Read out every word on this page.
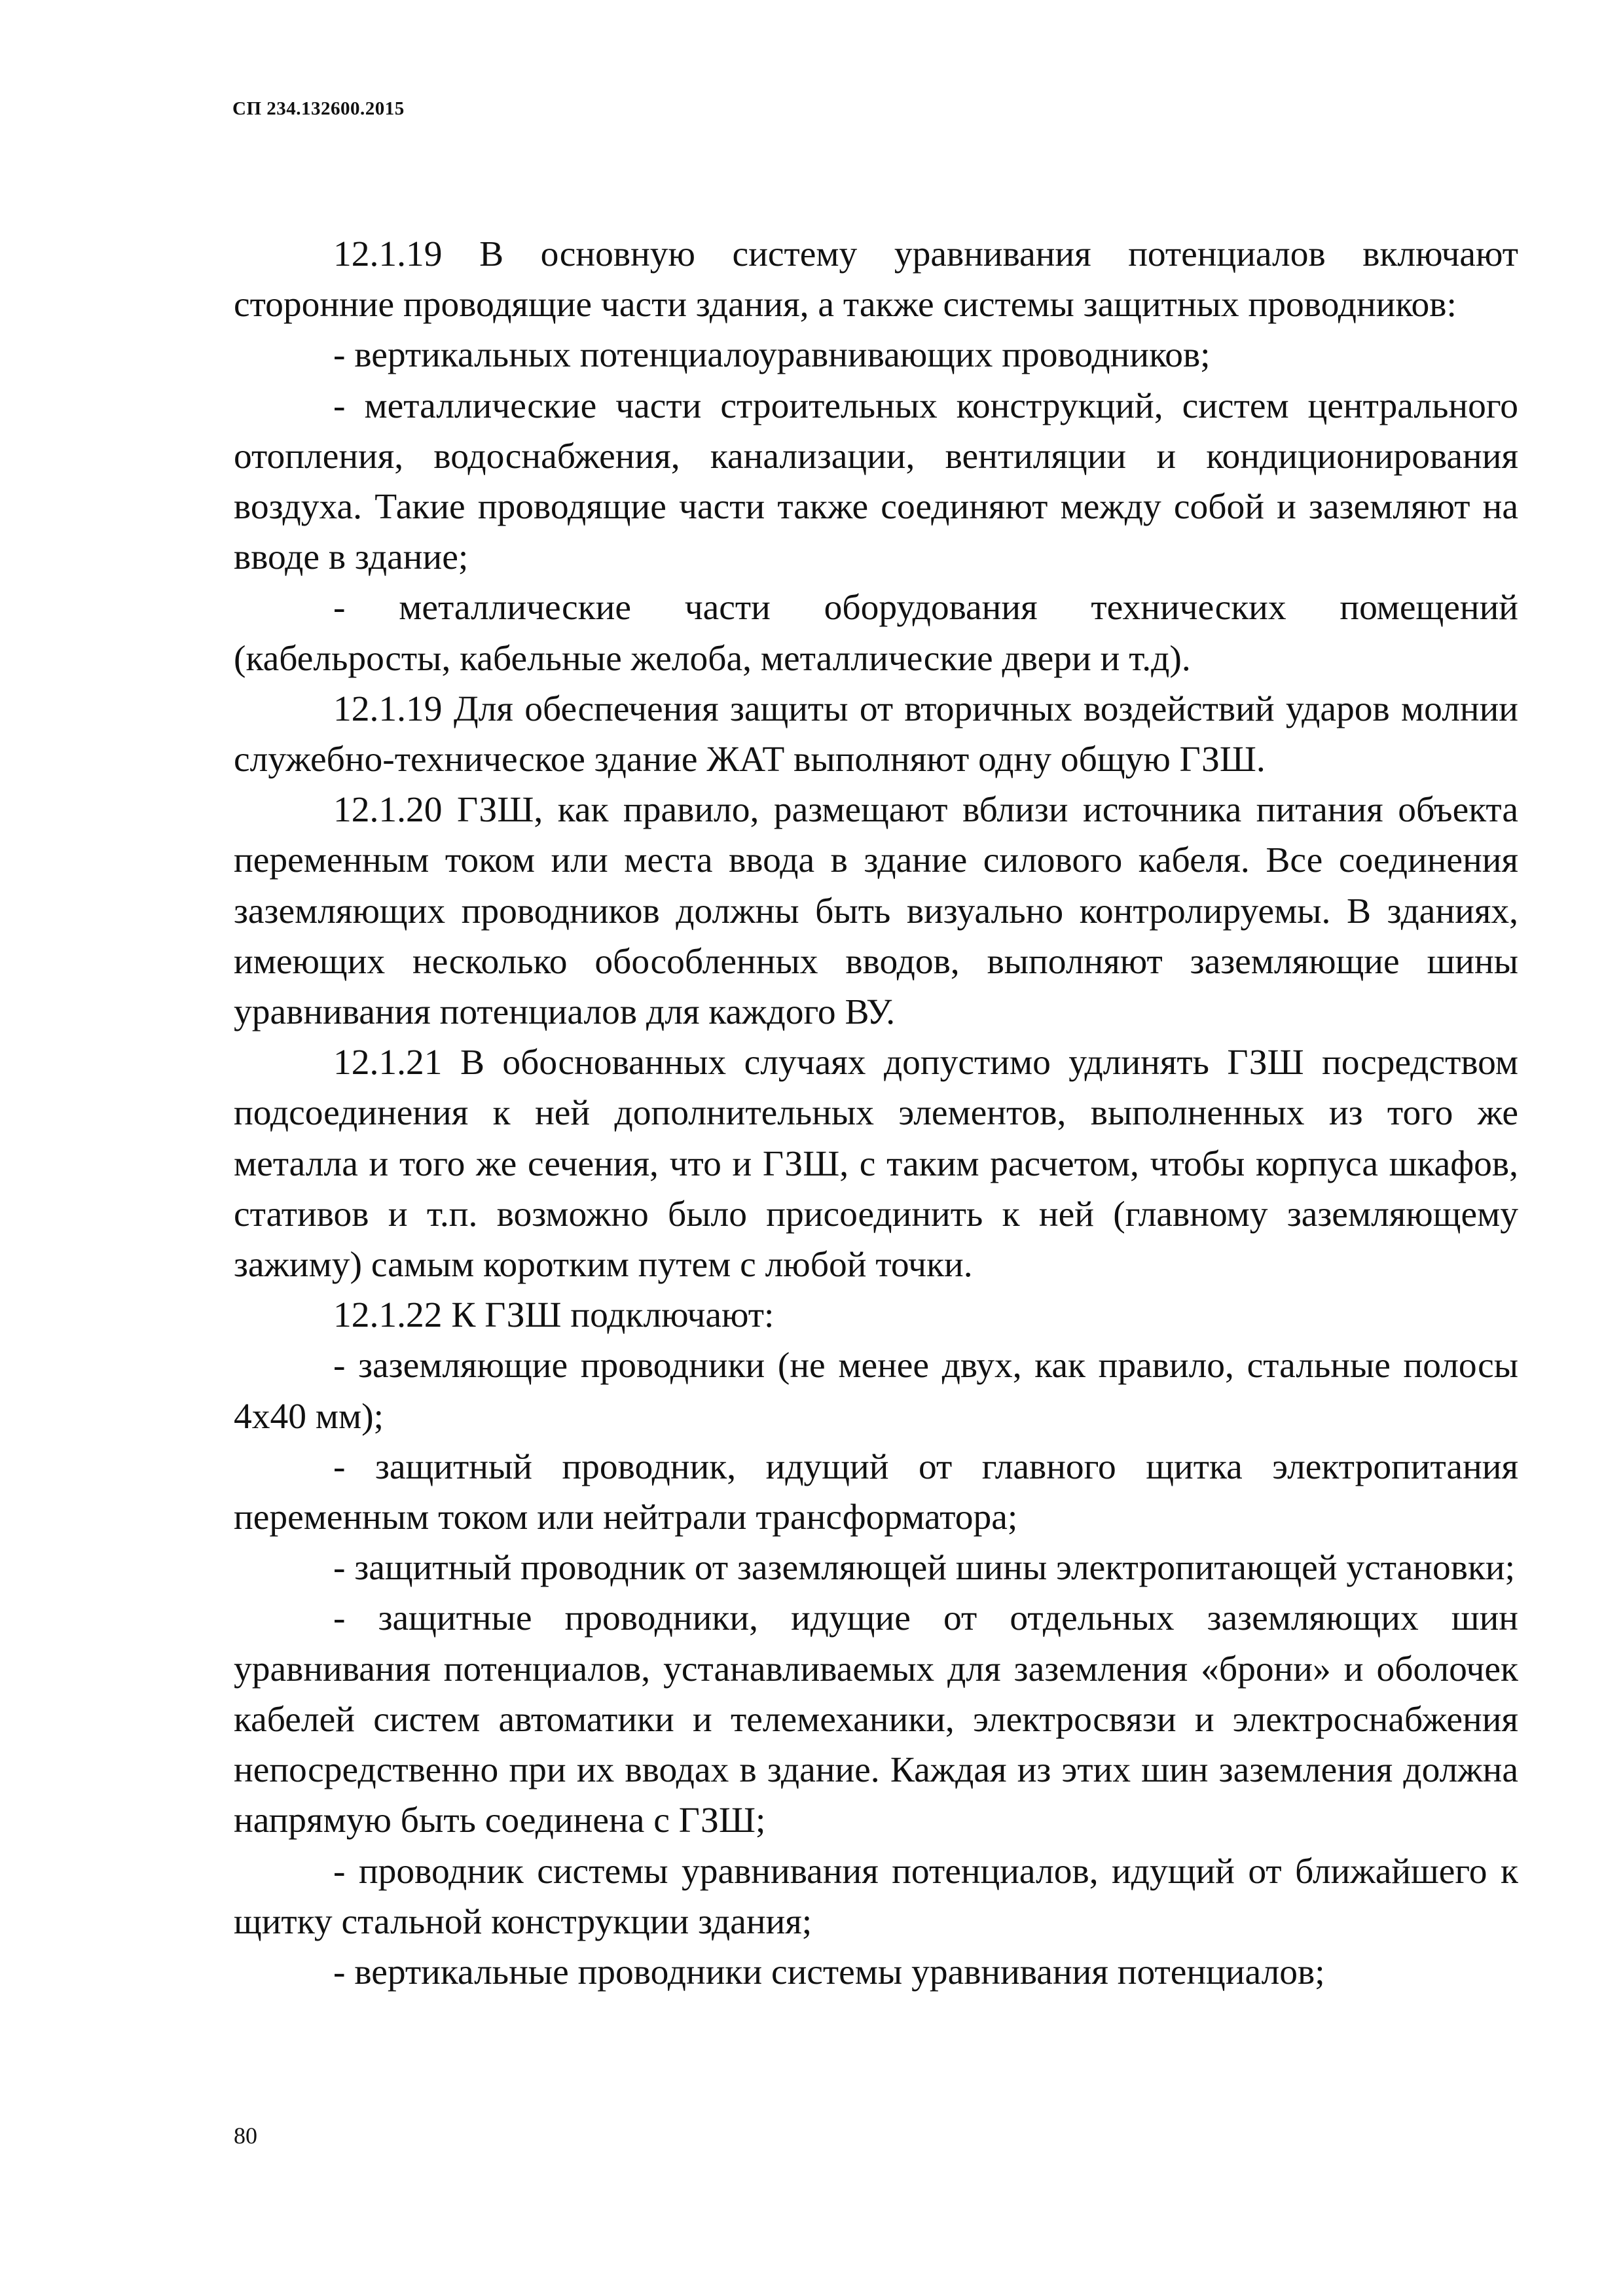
СП 234.132600.2015

12.1.19 В основную систему уравнивания потенциалов включают сторонние проводящие части здания, а также системы защитных проводников:

- вертикальных потенциалоуравнивающих проводников;

- металлические части строительных конструкций, систем центрального отопления, водоснабжения, канализации, вентиляции и кондиционирования воздуха. Такие проводящие части также соединяют между собой и заземляют на вводе в здание;

- металлические части оборудования технических помещений (кабельросты, кабельные желоба, металлические двери и т.д).

12.1.19 Для обеспечения защиты от вторичных воздействий ударов молнии служебно-техническое здание ЖАТ выполняют одну общую ГЗШ.

12.1.20 ГЗШ, как правило, размещают вблизи источника питания объекта переменным током или места ввода в здание силового кабеля. Все соединения заземляющих проводников должны быть визуально контролируемы. В зданиях, имеющих несколько обособленных вводов, выполняют заземляющие шины уравнивания потенциалов для каждого ВУ.

12.1.21 В обоснованных случаях допустимо удлинять ГЗШ посредством подсоединения к ней дополнительных элементов, выполненных из того же металла и того же сечения, что и ГЗШ, с таким расчетом, чтобы корпуса шкафов, стативов и т.п. возможно было присоединить к ней (главному заземляющему зажиму) самым коротким путем с любой точки.

12.1.22 К ГЗШ подключают:

- заземляющие проводники (не менее двух, как правило, стальные полосы 4х40 мм);

- защитный проводник, идущий от главного щитка электропитания переменным током или нейтрали трансформатора;

- защитный проводник от заземляющей шины электропитающей установки;

- защитные проводники, идущие от отдельных заземляющих шин уравнивания потенциалов, устанавливаемых для заземления «брони» и оболочек кабелей систем автоматики и телемеханики, электросвязи и электроснабжения непосредственно при их вводах в здание. Каждая из этих шин заземления должна напрямую быть соединена с ГЗШ;

- проводник системы уравнивания потенциалов, идущий от ближайшего к щитку стальной конструкции здания;

- вертикальные проводники системы уравнивания потенциалов;

80
